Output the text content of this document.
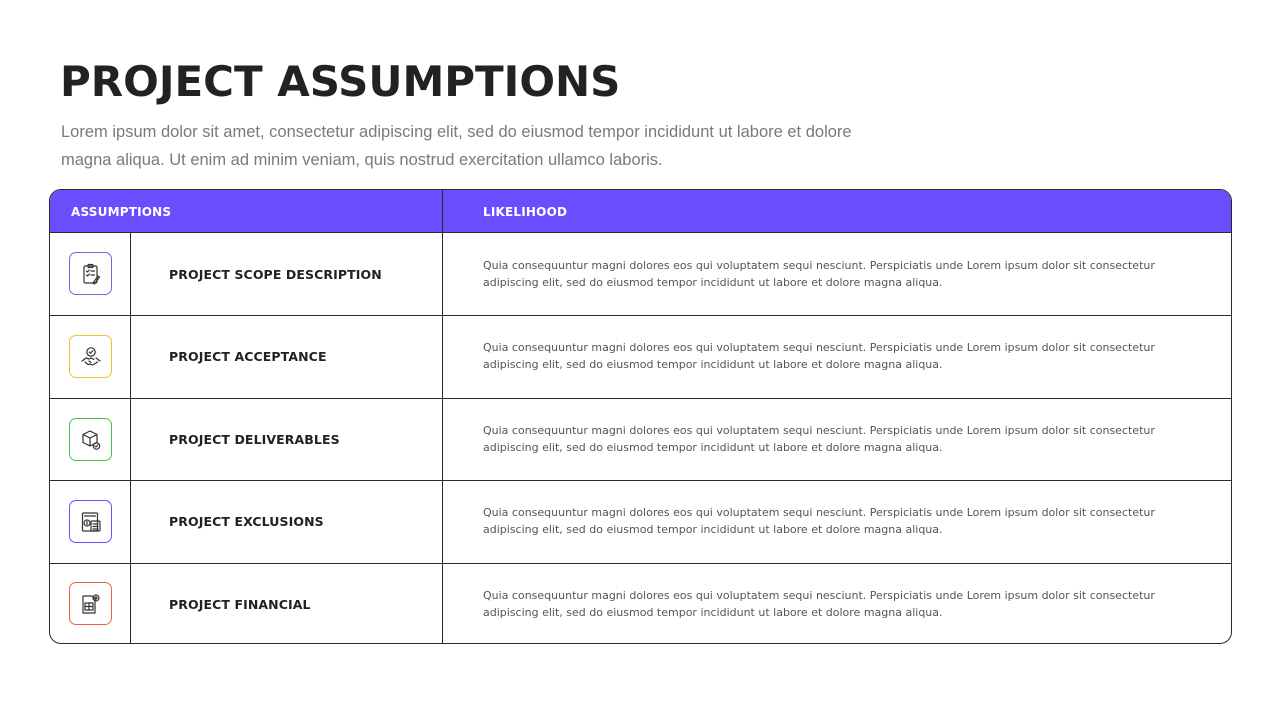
PROJECT ASSUMPTIONS

Lorem ipsum dolor sit amet, consectetur adipiscing elit, sed do eiusmod tempor incididunt ut labore et dolore magna aliqua. Ut enim ad minim veniam, quis nostrud exercitation ullamco laboris.

ASSUMPTIONS	LIKELIHOOD
PROJECT SCOPE DESCRIPTION
Quia consequuntur magni dolores eos qui voluptatem sequi nesciunt. Perspiciatis unde Lorem ipsum dolor sit consectetur adipiscing elit, sed do eiusmod tempor incididunt ut labore et dolore magna aliqua.
PROJECT ACCEPTANCE
Quia consequuntur magni dolores eos qui voluptatem sequi nesciunt. Perspiciatis unde Lorem ipsum dolor sit consectetur adipiscing elit, sed do eiusmod tempor incididunt ut labore et dolore magna aliqua.
PROJECT DELIVERABLES
Quia consequuntur magni dolores eos qui voluptatem sequi nesciunt. Perspiciatis unde Lorem ipsum dolor sit consectetur adipiscing elit, sed do eiusmod tempor incididunt ut labore et dolore magna aliqua.
PROJECT EXCLUSIONS
Quia consequuntur magni dolores eos qui voluptatem sequi nesciunt. Perspiciatis unde Lorem ipsum dolor sit consectetur adipiscing elit, sed do eiusmod tempor incididunt ut labore et dolore magna aliqua.
PROJECT FINANCIAL
Quia consequuntur magni dolores eos qui voluptatem sequi nesciunt. Perspiciatis unde Lorem ipsum dolor sit consectetur adipiscing elit, sed do eiusmod tempor incididunt ut labore et dolore magna aliqua.
